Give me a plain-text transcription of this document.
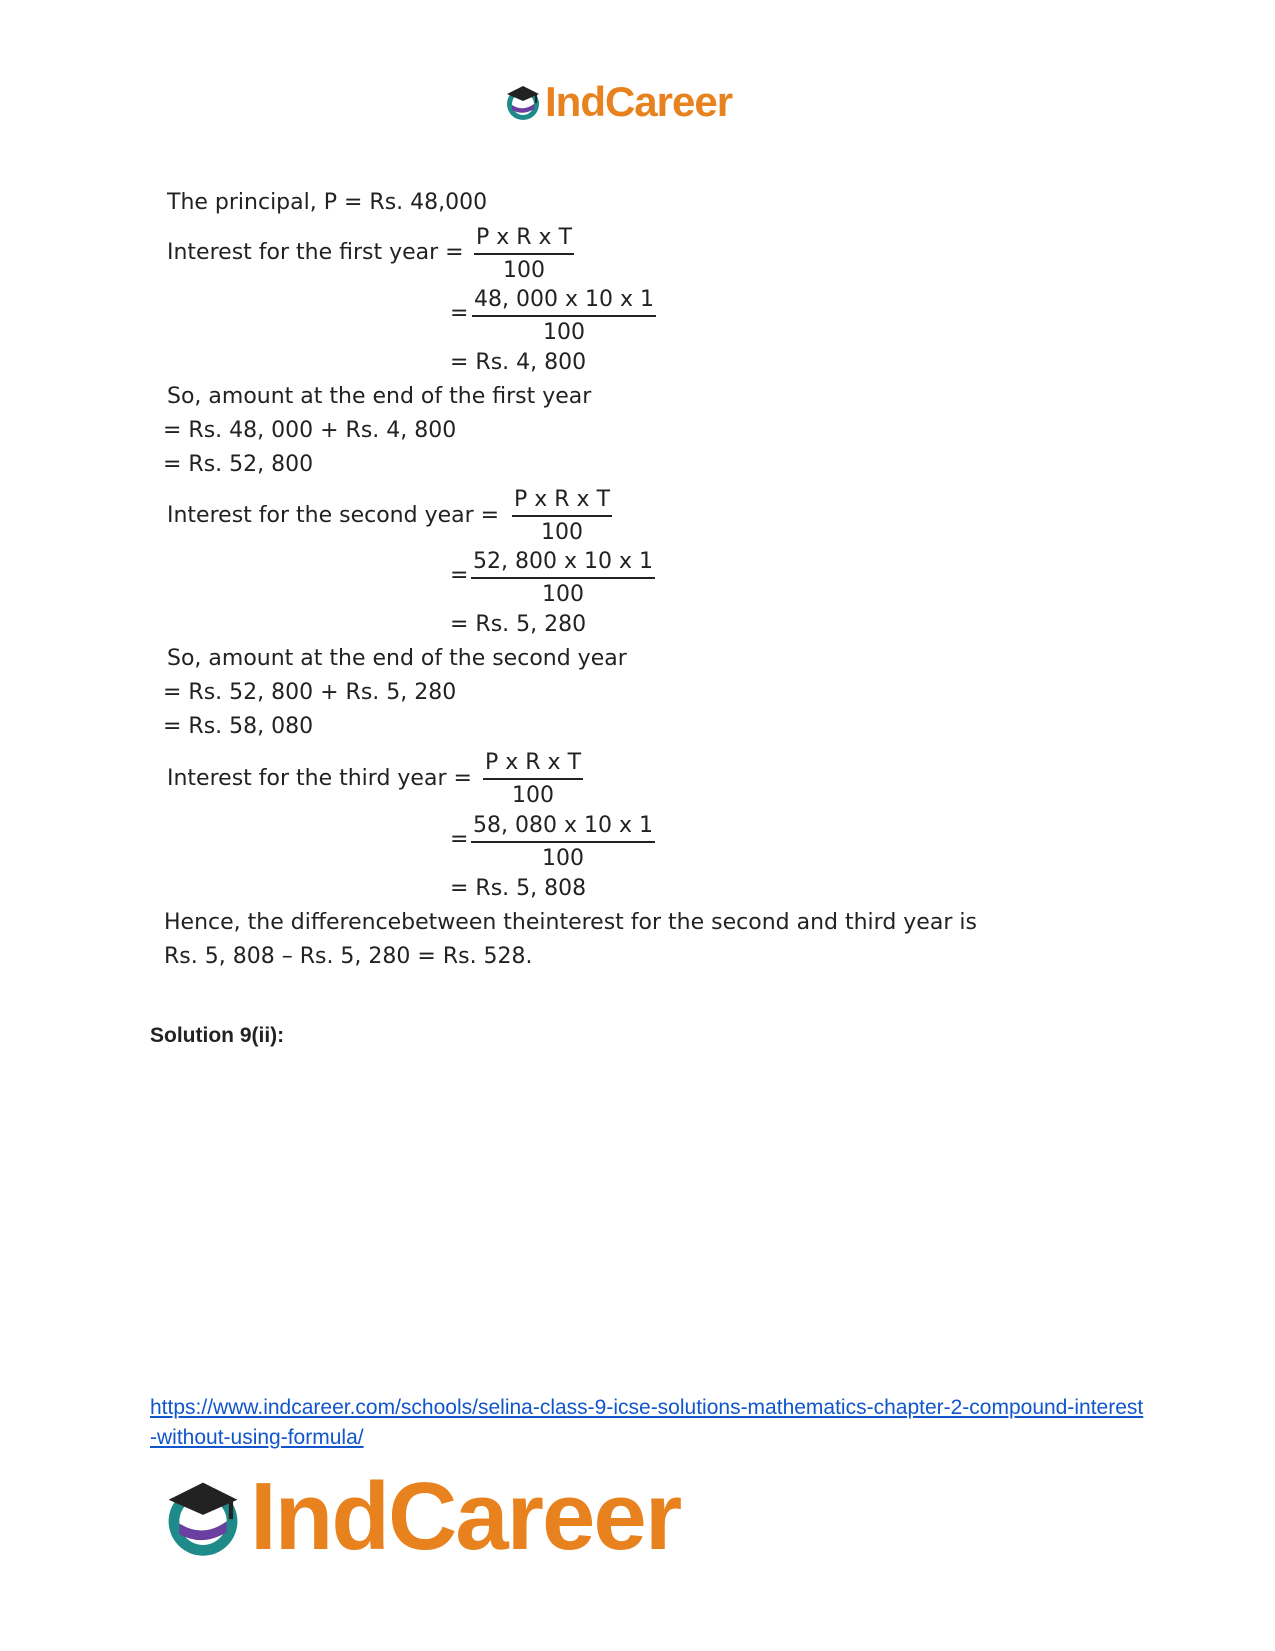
IndCareer
The principal, P = Rs. 48,000
Interest for the first year =
P x R x T
100
=
48, 000 x 10 x 1
100
= Rs. 4, 800
So, amount at the end of the first year
= Rs. 48, 000 + Rs. 4, 800
= Rs. 52, 800
Interest for the second year =
P x R x T
100
=
52, 800 x 10 x 1
100
= Rs. 5, 280
So, amount at the end of the second year
= Rs. 52, 800 + Rs. 5, 280
= Rs. 58, 080
Interest for the third year =
P x R x T
100
=
58, 080 x 10 x 1
100
= Rs. 5, 808
Hence, the differencebetween theinterest for the second and third year is
Rs. 5, 808 – Rs. 5, 280 = Rs. 528.
Solution 9(ii):
https://www.indcareer.com/schools/selina-class-9-icse-solutions-mathematics-chapter-2-compound-interest-without-using-formula/
IndCareer
